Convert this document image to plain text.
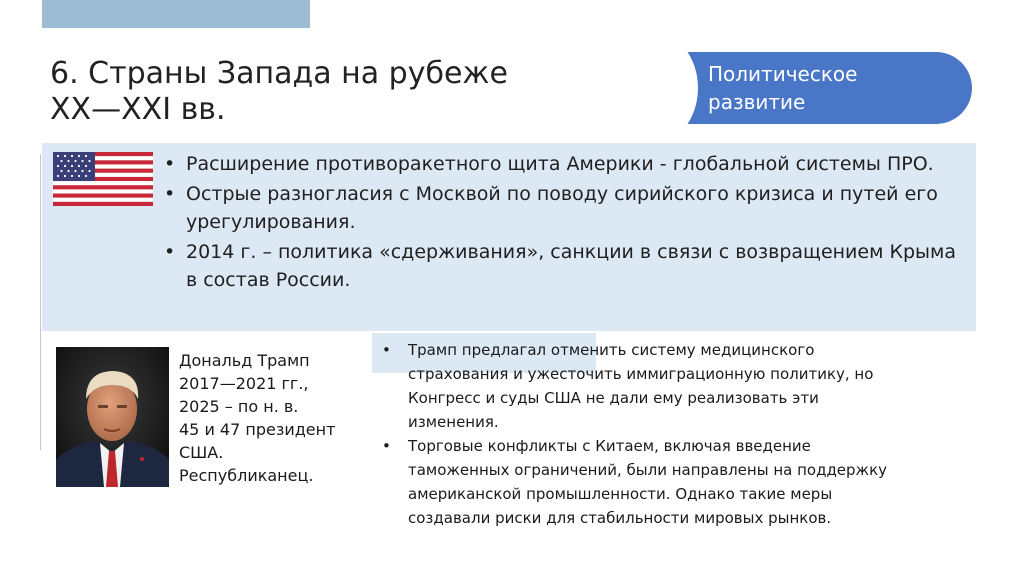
6. Страны Запада на рубеже
XX—XXI вв.
Политическое
развитие
• Расширение противоракетного щита Америки - глобальной системы ПРО.
• Острые разногласия с Москвой по поводу сирийского кризиса и путей его урегулирования.
• 2014 г. – политика «сдерживания», санкции в связи с возвращением Крыма в состав России.
Дональд Трамп
2017—2021 гг.,
2025 – по н. в.
45 и 47 президент
США.
Республиканец.
• Трамп предлагал отменить систему медицинского страхования и ужесточить иммиграционную политику, но Конгресс и суды США не дали ему реализовать эти изменения.
• Торговые конфликты с Китаем, включая введение таможенных ограничений, были направлены на поддержку американской промышленности. Однако такие меры создавали риски для стабильности мировых рынков.
